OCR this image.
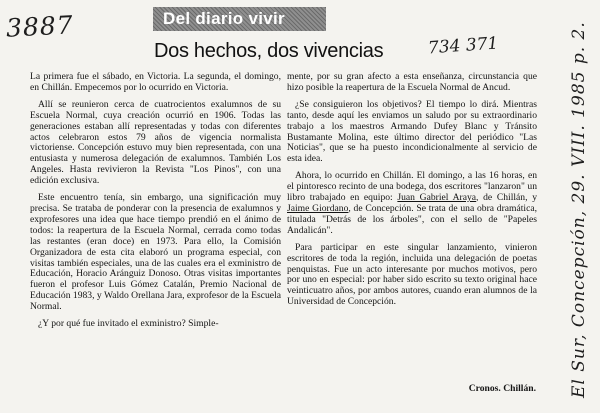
3887
734 371	El Sur, Concepción, 29. VIII. 1985 p. 2.
Del diario vivir
Dos hechos, dos vivencias

La primera fue el sábado, en Victoria. La segunda, el domingo, en Chillán. Empecemos por lo ocurrido en Victoria.

Allí se reunieron cerca de cuatrocientos exalumnos de su Escuela Normal, cuya creación ocurrió en 1906. Todas las generaciones estaban allí representadas y todas con diferentes actos celebraron estos 79 años de vigencia normalista victoriense. Concepción estuvo muy bien representada, con una entusiasta y numerosa delegación de exalumnos. También Los Angeles. Hasta revivieron la Revista "Los Pinos", con una edición exclusiva.

Este encuentro tenía, sin embargo, una significación muy precisa. Se trataba de ponderar con la presencia de exalumnos y exprofesores una idea que hace tiempo prendió en el ánimo de todos: la reapertura de la Escuela Normal, cerrada como todas las restantes (eran doce) en 1973. Para ello, la Comisión Organizadora de esta cita elaboró un programa especial, con visitas también especiales, una de las cuales era el exministro de Educación, Horacio Aránguiz Donoso. Otras visitas importantes fueron el profesor Luis Gómez Catalán, Premio Nacional de Educación 1983, y Waldo Orellana Jara, exprofesor de la Escuela Normal.

¿Y por qué fue invitado el exministro? Simple-

mente, por su gran afecto a esta enseñanza, circunstancia que hizo posible la reapertura de la Escuela Normal de Ancud.

¿Se consiguieron los objetivos? El tiempo lo dirá. Mientras tanto, desde aquí les enviamos un saludo por su extraordinario trabajo a los maestros Armando Dufey Blanc y Tránsito Bustamante Molina, este último director del periódico "Las Noticias", que se ha puesto incondicionalmente al servicio de esta idea.

Ahora, lo ocurrido en Chillán. El domingo, a las 16 horas, en el pintoresco recinto de una bodega, dos escritores "lanzaron" un libro trabajado en equipo: Juan Gabriel Araya, de Chillán, y Jaime Giordano, de Concepción. Se trata de una obra dramática, titulada "Detrás de los árboles", con el sello de "Papeles Andalicán".

Para participar en este singular lanzamiento, vinieron escritores de toda la región, incluida una delegación de poetas penquistas. Fue un acto interesante por muchos motivos, pero por uno en especial: por haber sido escrito su texto original hace veinticuatro años, por ambos autores, cuando eran alumnos de la Universidad de Concepción.

Cronos. Chillán.
